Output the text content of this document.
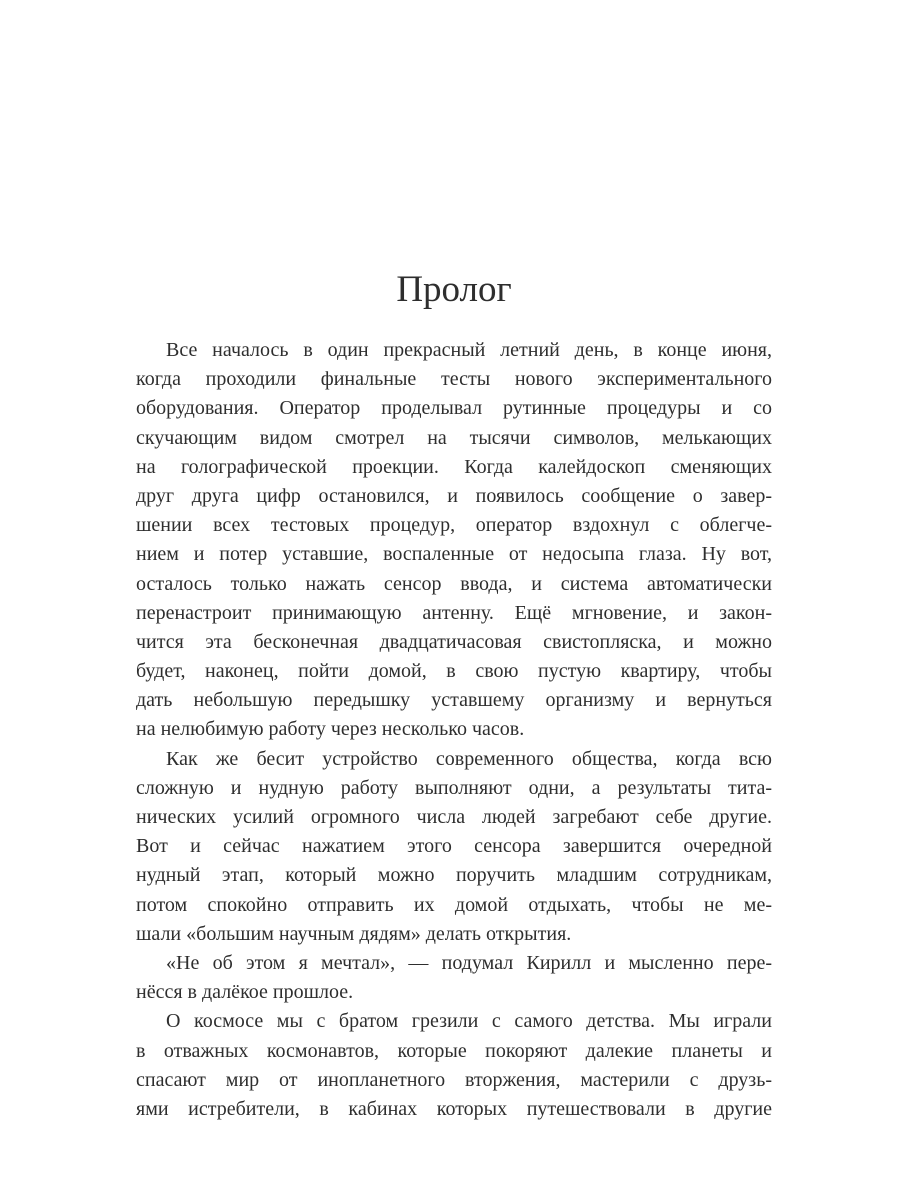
Пролог
Все началось в один прекрасный летний день, в конце июня,
когда проходили финальные тесты нового экспериментального
оборудования. Оператор проделывал рутинные процедуры и со
скучающим видом смотрел на тысячи символов, мелькающих
на голографической проекции. Когда калейдоскоп сменяющих
друг друга цифр остановился, и появилось сообщение о завер-
шении всех тестовых процедур, оператор вздохнул с облегче-
нием и потер уставшие, воспаленные от недосыпа глаза. Ну вот,
осталось только нажать сенсор ввода, и система автоматически
перенастроит принимающую антенну. Ещё мгновение, и закон-
чится эта бесконечная двадцатичасовая свистопляска, и можно
будет, наконец, пойти домой, в свою пустую квартиру, чтобы
дать небольшую передышку уставшему организму и вернуться
на нелюбимую работу через несколько часов.
Как же бесит устройство современного общества, когда всю
сложную и нудную работу выполняют одни, а результаты тита-
нических усилий огромного числа людей загребают себе другие.
Вот и сейчас нажатием этого сенсора завершится очередной
нудный этап, который можно поручить младшим сотрудникам,
потом спокойно отправить их домой отдыхать, чтобы не ме-
шали «большим научным дядям» делать открытия.
«Не об этом я мечтал», — подумал Кирилл и мысленно пере-
нёсся в далёкое прошлое.
О космосе мы с братом грезили с самого детства. Мы играли
в отважных космонавтов, которые покоряют далекие планеты и
спасают мир от инопланетного вторжения, мастерили с друзь-
ями истребители, в кабинах которых путешествовали в другие
